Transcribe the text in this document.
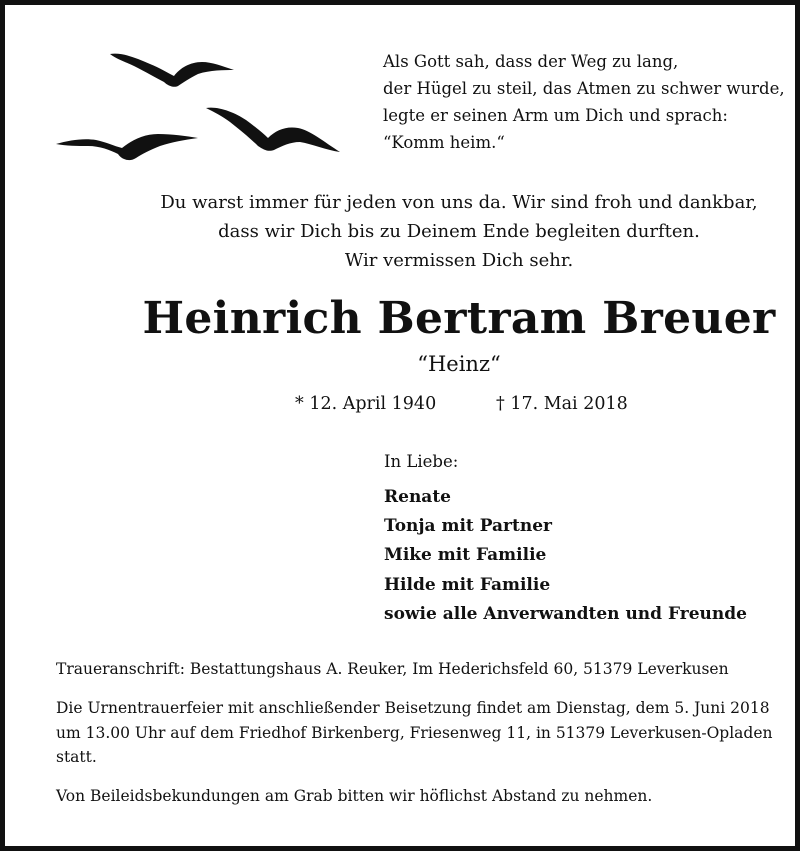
Als Gott sah, dass der Weg zu lang,
der Hügel zu steil, das Atmen zu schwer wurde,
legte er seinen Arm um Dich und sprach:
“Komm heim.“
Du warst immer für jeden von uns da. Wir sind froh und dankbar,
dass wir Dich bis zu Deinem Ende begleiten durften.
Wir vermissen Dich sehr.
Heinrich Bertram Breuer
“Heinz“
* 12. April 1940	† 17. Mai 2018
In Liebe:
Renate
Tonja mit Partner
Mike mit Familie
Hilde mit Familie
sowie alle Anverwandten und Freunde
Traueranschrift: Bestattungshaus A. Reuker, Im Hederichsfeld 60, 51379 Leverkusen
Die Urnentrauerfeier mit anschließender Beisetzung findet am Dienstag, dem 5. Juni 2018
um 13.00 Uhr auf dem Friedhof Birkenberg, Friesenweg 11, in 51379 Leverkusen-Opladen
statt.
Von Beileidsbekundungen am Grab bitten wir höflichst Abstand zu nehmen.
